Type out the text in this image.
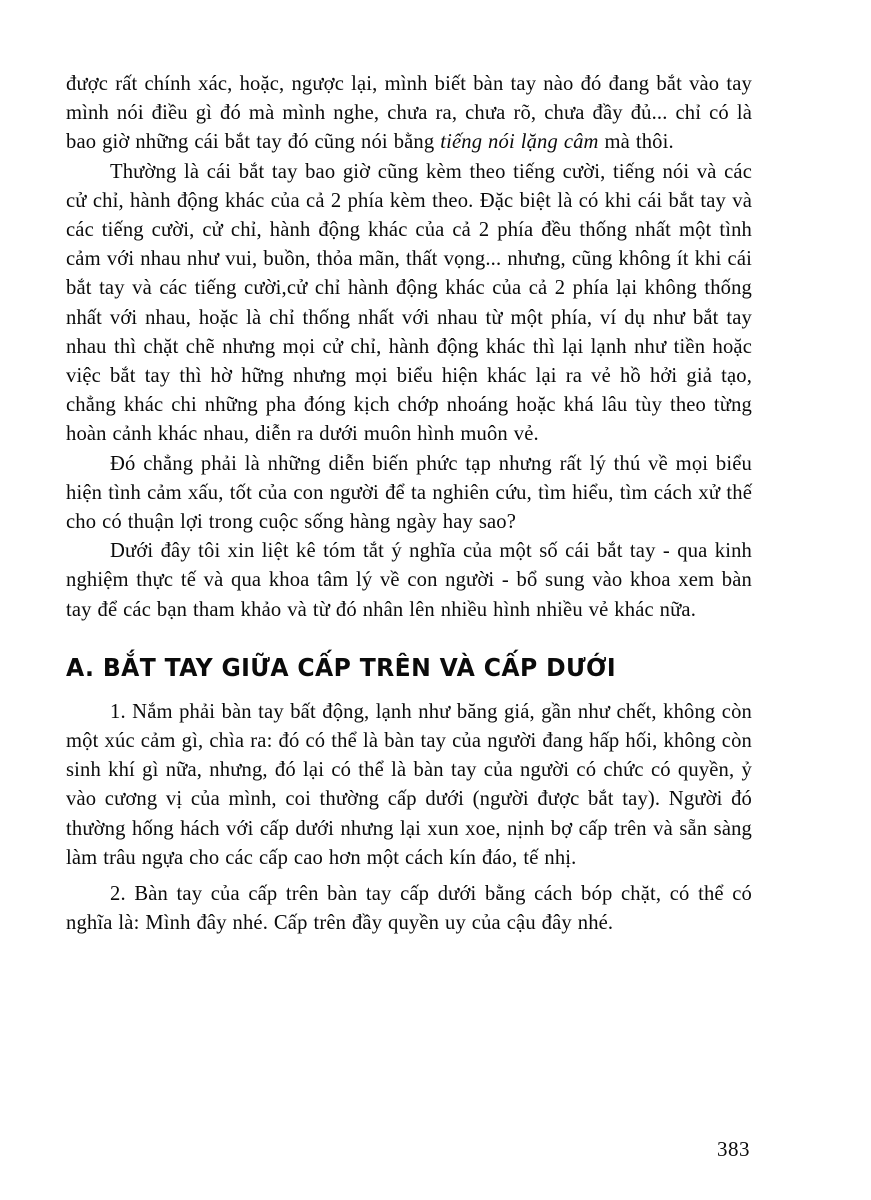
được rất chính xác, hoặc, ngược lại, mình biết bàn tay nào đó đang bắt vào tay mình nói điều gì đó mà mình nghe, chưa ra, chưa rõ, chưa đầy đủ... chỉ có là bao giờ những cái bắt tay đó cũng nói bằng tiếng nói lặng câm mà thôi.

Thường là cái bắt tay bao giờ cũng kèm theo tiếng cười, tiếng nói và các cử chỉ, hành động khác của cả 2 phía kèm theo. Đặc biệt là có khi cái bắt tay và các tiếng cười, cử chỉ, hành động khác của cả 2 phía đều thống nhất một tình cảm với nhau như vui, buồn, thỏa mãn, thất vọng... nhưng, cũng không ít khi cái bắt tay và các tiếng cười,cử chỉ hành động khác của cả 2 phía lại không thống nhất với nhau, hoặc là chỉ thống nhất với nhau từ một phía, ví dụ như bắt tay nhau thì chặt chẽ nhưng mọi cử chỉ, hành động khác thì lại lạnh như tiền hoặc việc bắt tay thì hờ hững nhưng mọi biểu hiện khác lại ra vẻ hồ hởi giả tạo, chẳng khác chi những pha đóng kịch chớp nhoáng hoặc khá lâu tùy theo từng hoàn cảnh khác nhau, diễn ra dưới muôn hình muôn vẻ.

Đó chẳng phải là những diễn biến phức tạp nhưng rất lý thú về mọi biểu hiện tình cảm xấu, tốt của con người để ta nghiên cứu, tìm hiểu, tìm cách xử thế cho có thuận lợi trong cuộc sống hàng ngày hay sao?

Dưới đây tôi xin liệt kê tóm tắt ý nghĩa của một số cái bắt tay - qua kinh nghiệm thực tế và qua khoa tâm lý về con người - bổ sung vào khoa xem bàn tay để các bạn tham khảo và từ đó nhân lên nhiều hình nhiều vẻ khác nữa.

A. BẮT TAY GIỮA CẤP TRÊN VÀ CẤP DƯỚI

1. Nắm phải bàn tay bất động, lạnh như băng giá, gần như chết, không còn một xúc cảm gì, chìa ra: đó có thể là bàn tay của người đang hấp hối, không còn sinh khí gì nữa, nhưng, đó lại có thể là bàn tay của người có chức có quyền, ỷ vào cương vị của mình, coi thường cấp dưới (người được bắt tay). Người đó thường hống hách với cấp dưới nhưng lại xun xoe, nịnh bợ cấp trên và sẵn sàng làm trâu ngựa cho các cấp cao hơn một cách kín đáo, tế nhị.

2. Bàn tay của cấp trên bàn tay cấp dưới bằng cách bóp chặt, có thể có nghĩa là: Mình đây nhé. Cấp trên đầy quyền uy của cậu đây nhé.

383
